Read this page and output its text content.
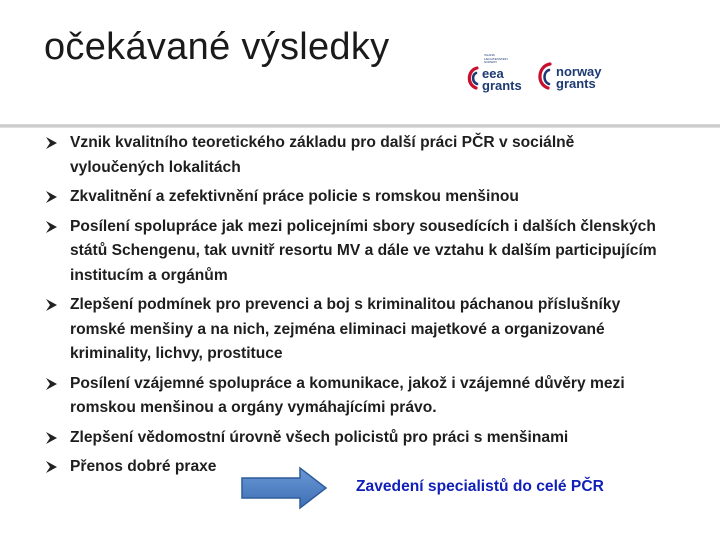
očekávané výsledky	ISLAND LIECHTENSTEIN NORWAY
eea
grants
norway
grants
Vznik kvalitního teoretického základu pro další práci PČR v sociálně vyloučených lokalitách
Zkvalitnění a zefektivnění práce policie s romskou menšinou
Posílení spolupráce jak mezi policejními sbory sousedících i dalších členských států Schengenu, tak uvnitř resortu MV a dále ve vztahu k dalším participujícím institucím a orgánům
Zlepšení podmínek pro prevenci a boj s kriminalitou páchanou příslušníky romské menšiny a na nich, zejména eliminaci majetkové a organizované kriminality, lichvy, prostituce
Posílení vzájemné spolupráce a komunikace, jakož i vzájemné důvěry mezi romskou menšinou a orgány vymáhajícími právo.
Zlepšení vědomostní úrovně všech policistů pro práci s menšinami
Přenos dobré praxe
Zavedení specialistů do celé PČR
